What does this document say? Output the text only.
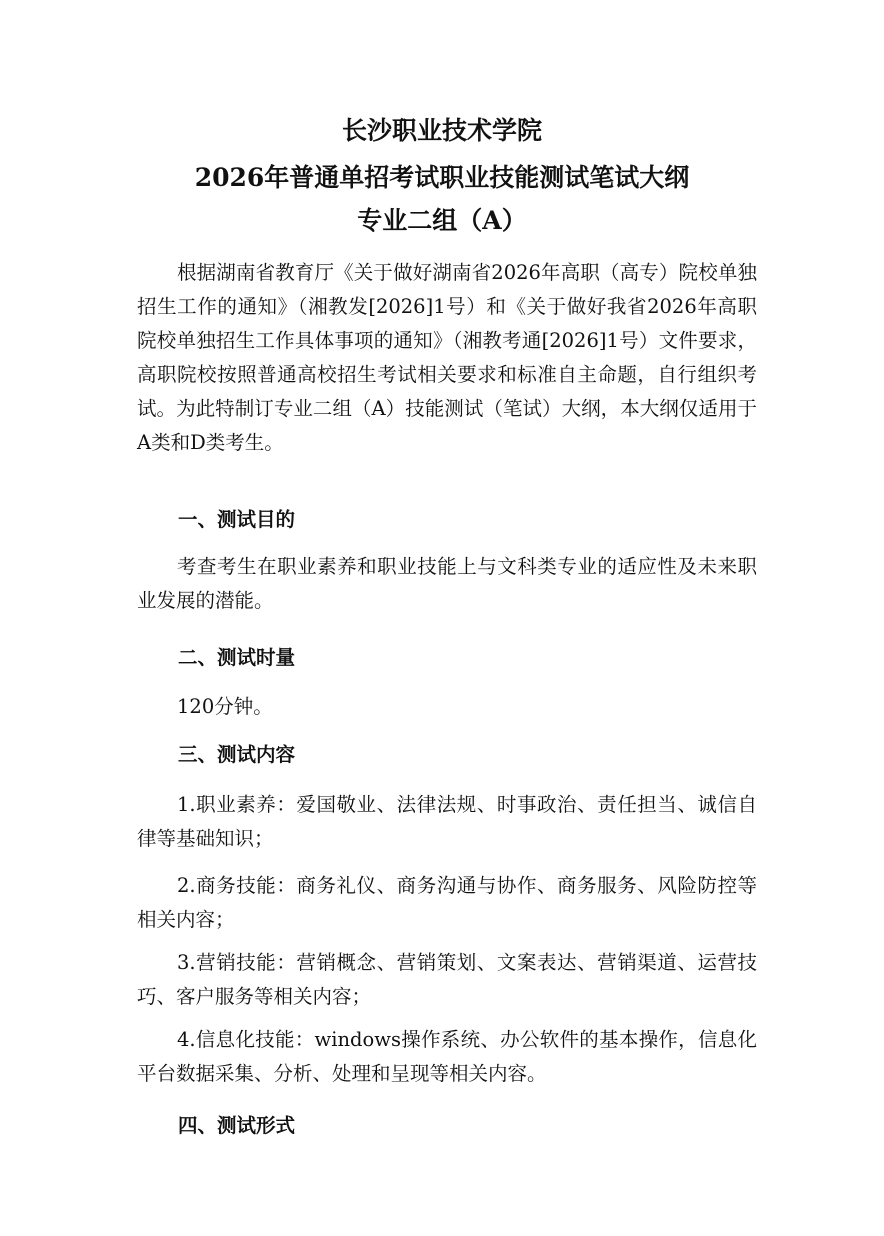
长沙职业技术学院
2026年普通单招考试职业技能测试笔试大纲
专业二组（A）

根据湖南省教育厅《关于做好湖南省2026年高职（高专）院校单独招生工作的通知》（湘教发[2026]1号）和《关于做好我省2026年高职院校单独招生工作具体事项的通知》（湘教考通[2026]1号）文件要求，高职院校按照普通高校招生考试相关要求和标准自主命题，自行组织考试。为此特制订专业二组（A）技能测试（笔试）大纲，本大纲仅适用于A类和D类考生。

一、测试目的

考查考生在职业素养和职业技能上与文科类专业的适应性及未来职业发展的潜能。

二、测试时量

120分钟。

三、测试内容

1.职业素养：爱国敬业、法律法规、时事政治、责任担当、诚信自律等基础知识；

2.商务技能：商务礼仪、商务沟通与协作、商务服务、风险防控等相关内容；

3.营销技能：营销概念、营销策划、文案表达、营销渠道、运营技巧、客户服务等相关内容；

4.信息化技能：windows操作系统、办公软件的基本操作，信息化平台数据采集、分析、处理和呈现等相关内容。

四、测试形式
